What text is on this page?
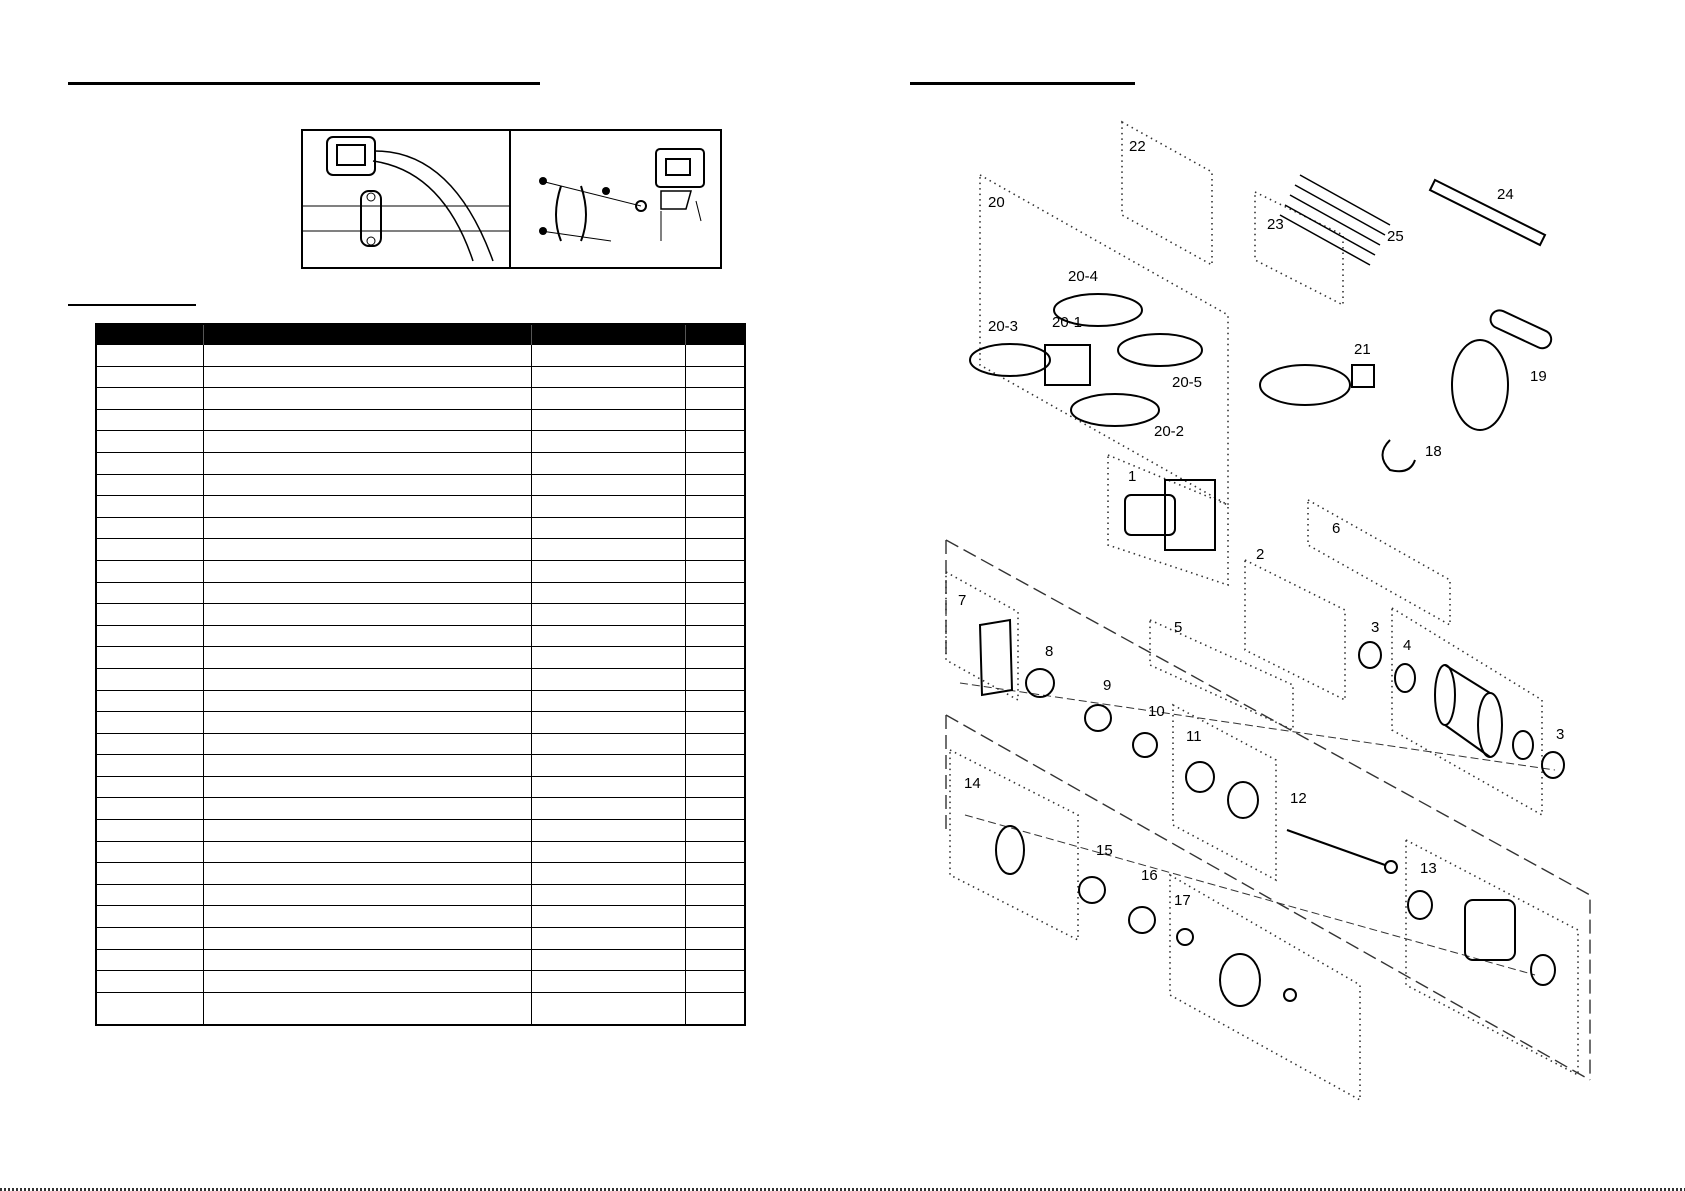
22
20
23
24
25
20-4
20-3 20-1
21
19
20-5
20-2
18
1
6
2
7
5	3
4
8
9
10
11	3
14
12
15
13
16
17
